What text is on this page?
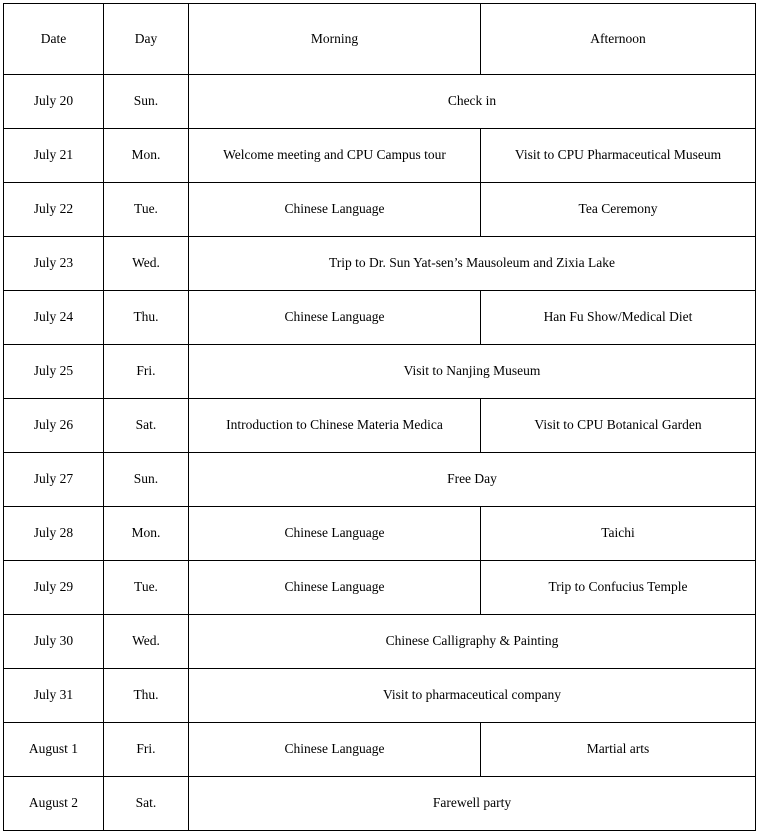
Date	Day	Morning	Afternoon
July 20	Sun.	Check in	
July 21	Mon.	Welcome meeting and CPU Campus tour	Visit to CPU Pharmaceutical Museum
July 22	Tue.	Chinese Language	Tea Ceremony
July 23	Wed.	Trip to Dr. Sun Yat-sen’s Mausoleum and Zixia Lake	
July 24	Thu.	Chinese Language	Han Fu Show/Medical Diet
July 25	Fri.	Visit to Nanjing Museum	
July 26	Sat.	Introduction to Chinese Materia Medica	Visit to CPU Botanical Garden
July 27	Sun.	Free Day	
July 28	Mon.	Chinese Language	Taichi
July 29	Tue.	Chinese Language	Trip to Confucius Temple
July 30	Wed.	Chinese Calligraphy & Painting	
July 31	Thu.	Visit to pharmaceutical company	
August 1	Fri.	Chinese Language	Martial arts
August 2	Sat.	Farewell party	
